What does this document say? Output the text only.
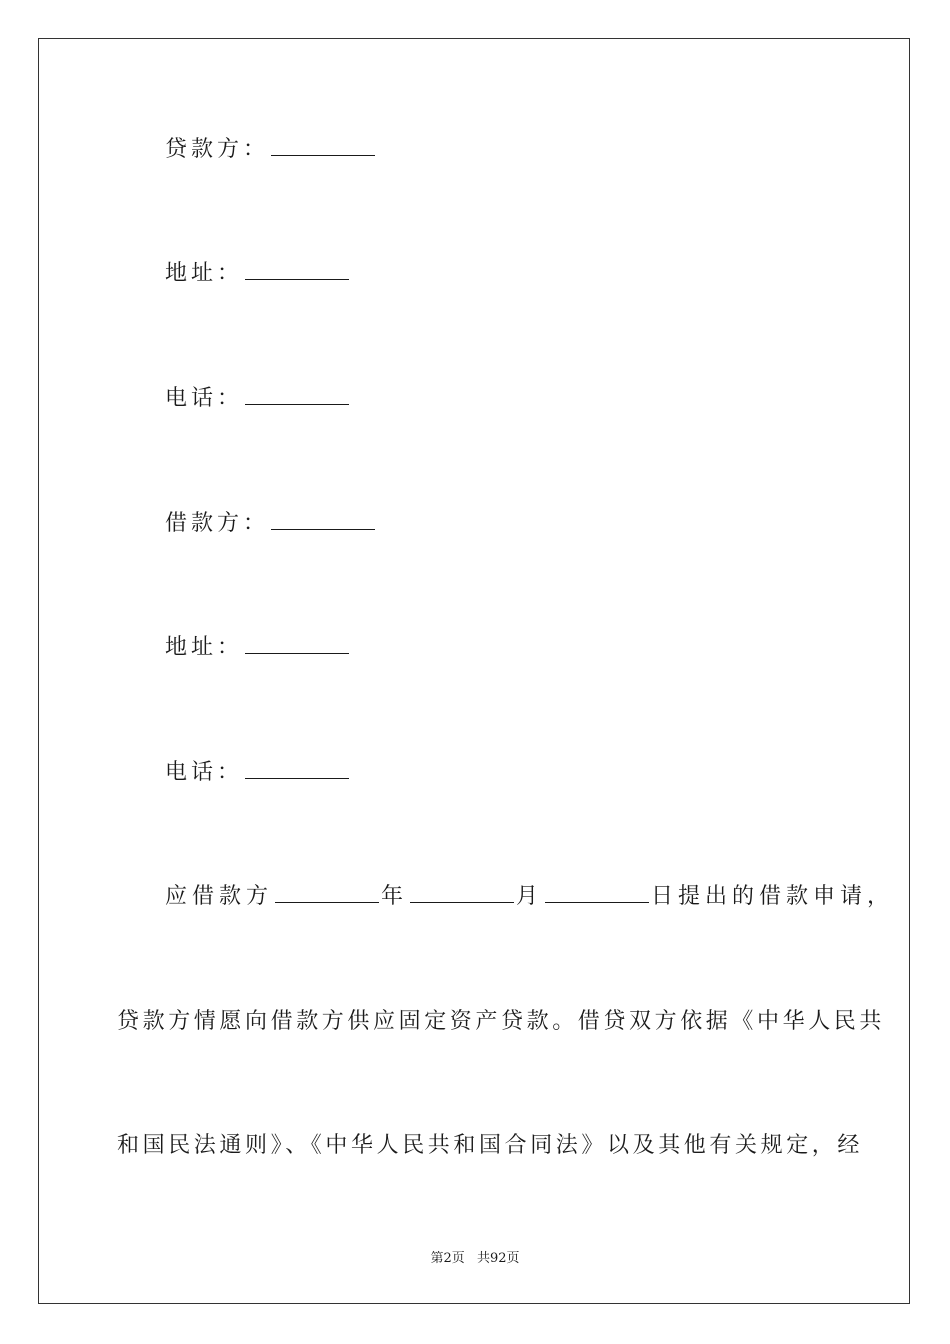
贷款方：
地址：
电话：
借款方：
地址：
电话：
应借款方	年	月	日提出的借款申请，
贷款方情愿向借款方供应固定资产贷款。借贷双方依据《中华人民共
和国民法通则》、《中华人民共和国合同法》以及其他有关规定，经
第2页 共92页
